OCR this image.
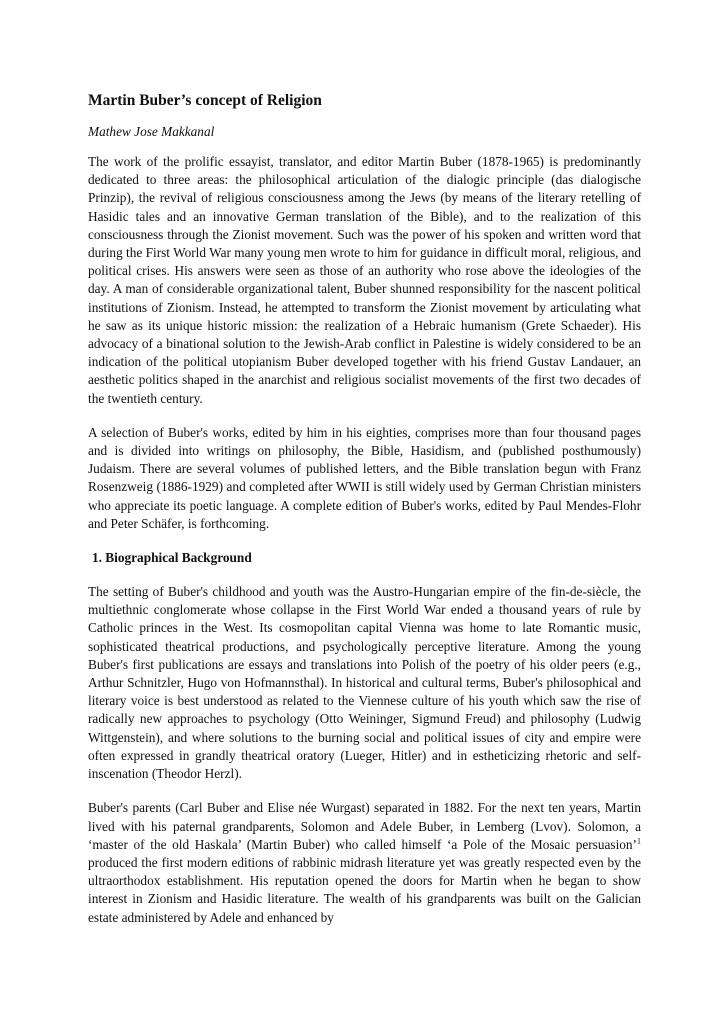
Martin Buber’s concept of Religion
Mathew Jose Makkanal

The work of the prolific essayist, translator, and editor Martin Buber (1878-1965) is predominantly dedicated to three areas: the philosophical articulation of the dialogic principle (das dialogische Prinzip), the revival of religious consciousness among the Jews (by means of the literary retelling of Hasidic tales and an innovative German translation of the Bible), and to the realization of this consciousness through the Zionist movement. Such was the power of his spoken and written word that during the First World War many young men wrote to him for guidance in difficult moral, religious, and political crises. His answers were seen as those of an authority who rose above the ideologies of the day. A man of considerable organizational talent, Buber shunned responsibility for the nascent political institutions of Zionism. Instead, he attempted to transform the Zionist movement by articulating what he saw as its unique historic mission: the realization of a Hebraic humanism (Grete Schaeder). His advocacy of a binational solution to the Jewish-Arab conflict in Palestine is widely considered to be an indication of the political utopianism Buber developed together with his friend Gustav Landauer, an aesthetic politics shaped in the anarchist and religious socialist movements of the first two decades of the twentieth century.

A selection of Buber's works, edited by him in his eighties, comprises more than four thousand pages and is divided into writings on philosophy, the Bible, Hasidism, and (published posthumously) Judaism. There are several volumes of published letters, and the Bible translation begun with Franz Rosenzweig (1886-1929) and completed after WWII is still widely used by German Christian ministers who appreciate its poetic language. A complete edition of Buber's works, edited by Paul Mendes-Flohr and Peter Schäfer, is forthcoming.

1. Biographical Background

The setting of Buber's childhood and youth was the Austro-Hungarian empire of the fin-de-siècle, the multiethnic conglomerate whose collapse in the First World War ended a thousand years of rule by Catholic princes in the West. Its cosmopolitan capital Vienna was home to late Romantic music, sophisticated theatrical productions, and psychologically perceptive literature. Among the young Buber's first publications are essays and translations into Polish of the poetry of his older peers (e.g., Arthur Schnitzler, Hugo von Hofmannsthal). In historical and cultural terms, Buber's philosophical and literary voice is best understood as related to the Viennese culture of his youth which saw the rise of radically new approaches to psychology (Otto Weininger, Sigmund Freud) and philosophy (Ludwig Wittgenstein), and where solutions to the burning social and political issues of city and empire were often expressed in grandly theatrical oratory (Lueger, Hitler) and in estheticizing rhetoric and self-inscenation (Theodor Herzl).

Buber's parents (Carl Buber and Elise née Wurgast) separated in 1882. For the next ten years, Martin lived with his paternal grandparents, Solomon and Adele Buber, in Lemberg (Lvov). Solomon, a ‘master of the old Haskala’ (Martin Buber) who called himself ‘a Pole of the Mosaic persuasion’$^1$ produced the first modern editions of rabbinic midrash literature yet was greatly respected even by the ultraorthodox establishment. His reputation opened the doors for Martin when he began to show interest in Zionism and Hasidic literature. The wealth of his grandparents was built on the Galician estate administered by Adele and enhanced by
